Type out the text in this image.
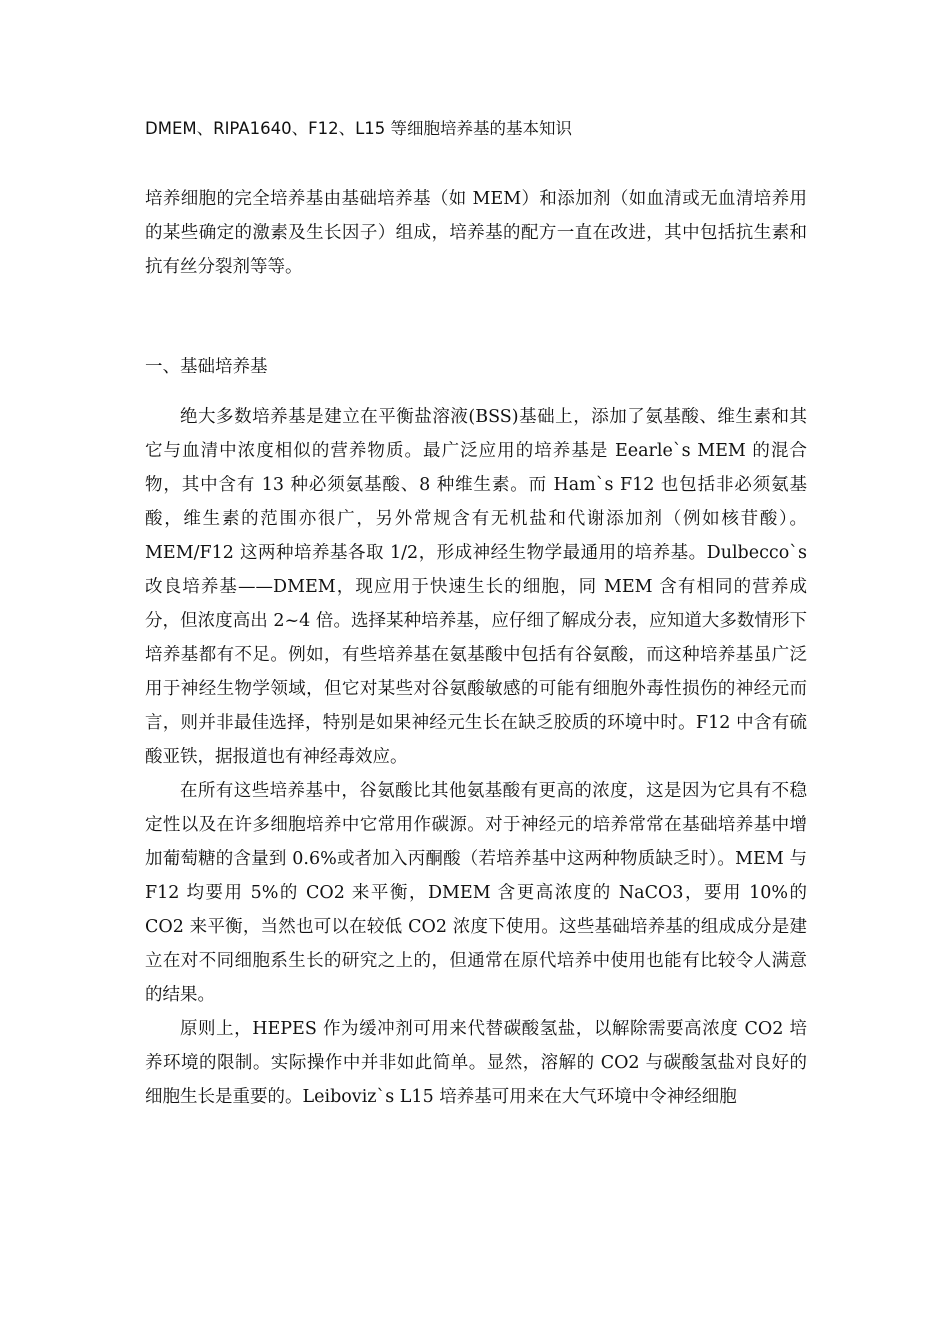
DMEM、RIPA1640、F12、L15 等细胞培养基的基本知识

培养细胞的完全培养基由基础培养基（如 MEM）和添加剂（如血清或无血清培养用的某些确定的激素及生长因子）组成，培养基的配方一直在改进，其中包括抗生素和抗有丝分裂剂等等。

一、基础培养基

绝大多数培养基是建立在平衡盐溶液(BSS)基础上，添加了氨基酸、维生素和其它与血清中浓度相似的营养物质。最广泛应用的培养基是 Eearle`s MEM 的混合物，其中含有 13 种必须氨基酸、8 种维生素。而 Ham`s F12 也包括非必须氨基酸，维生素的范围亦很广，另外常规含有无机盐和代谢添加剂（例如核苷酸）。MEM/F12 这两种培养基各取 1/2，形成神经生物学最通用的培养基。Dulbecco`s 改良培养基——DMEM，现应用于快速生长的细胞，同 MEM 含有相同的营养成分，但浓度高出 2~4 倍。选择某种培养基，应仔细了解成分表，应知道大多数情形下培养基都有不足。例如，有些培养基在氨基酸中包括有谷氨酸，而这种培养基虽广泛用于神经生物学领域，但它对某些对谷氨酸敏感的可能有细胞外毒性损伤的神经元而言，则并非最佳选择，特别是如果神经元生长在缺乏胶质的环境中时。F12 中含有硫酸亚铁，据报道也有神经毒效应。

在所有这些培养基中，谷氨酸比其他氨基酸有更高的浓度，这是因为它具有不稳定性以及在许多细胞培养中它常用作碳源。对于神经元的培养常常在基础培养基中增加葡萄糖的含量到 0.6%或者加入丙酮酸（若培养基中这两种物质缺乏时）。MEM 与 F12 均要用 5%的 CO2 来平衡，DMEM 含更高浓度的 NaCO3，要用 10%的 CO2 来平衡，当然也可以在较低 CO2 浓度下使用。这些基础培养基的组成成分是建立在对不同细胞系生长的研究之上的，但通常在原代培养中使用也能有比较令人满意的结果。

原则上，HEPES 作为缓冲剂可用来代替碳酸氢盐，以解除需要高浓度 CO2 培养环境的限制。实际操作中并非如此简单。显然，溶解的 CO2 与碳酸氢盐对良好的细胞生长是重要的。Leiboviz`s L15 培养基可用来在大气环境中令神经细胞
